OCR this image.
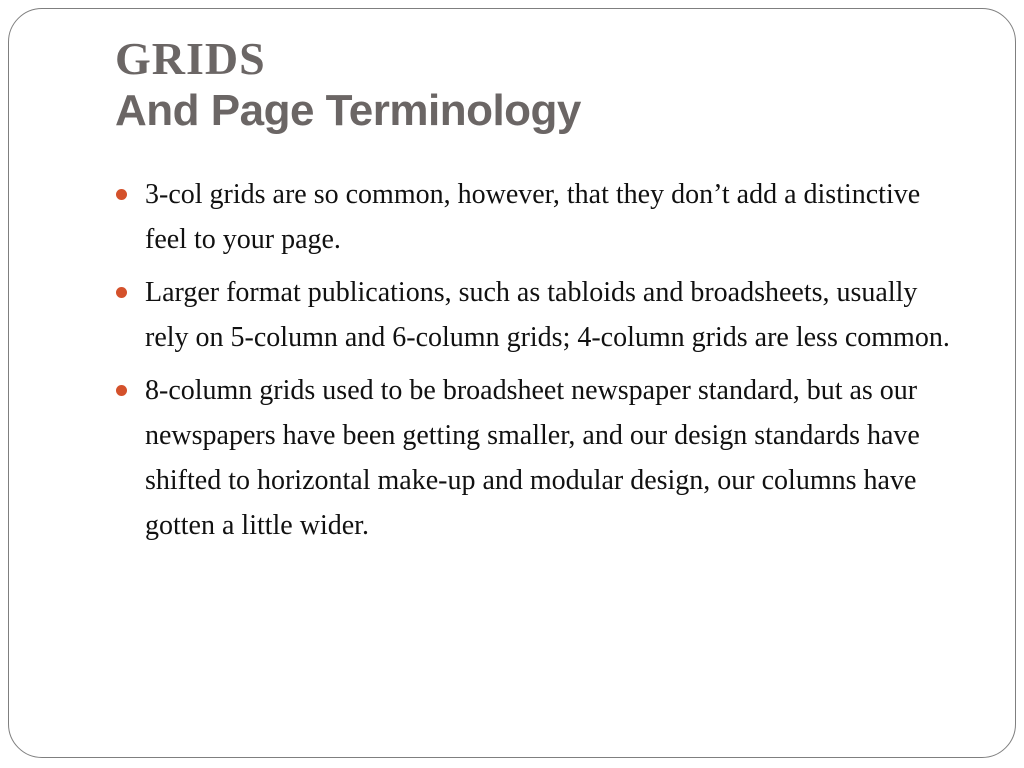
GRIDS
And Page Terminology
3-col grids are so common, however, that they don’t add a distinctive feel to your page.
Larger format publications, such as tabloids and broadsheets, usually rely on 5-column and 6-column grids; 4-column grids are less common.
8-column grids used to be broadsheet newspaper standard, but as our newspapers have been getting smaller, and our design standards have shifted to horizontal make-up and modular design, our columns have gotten a little wider.
